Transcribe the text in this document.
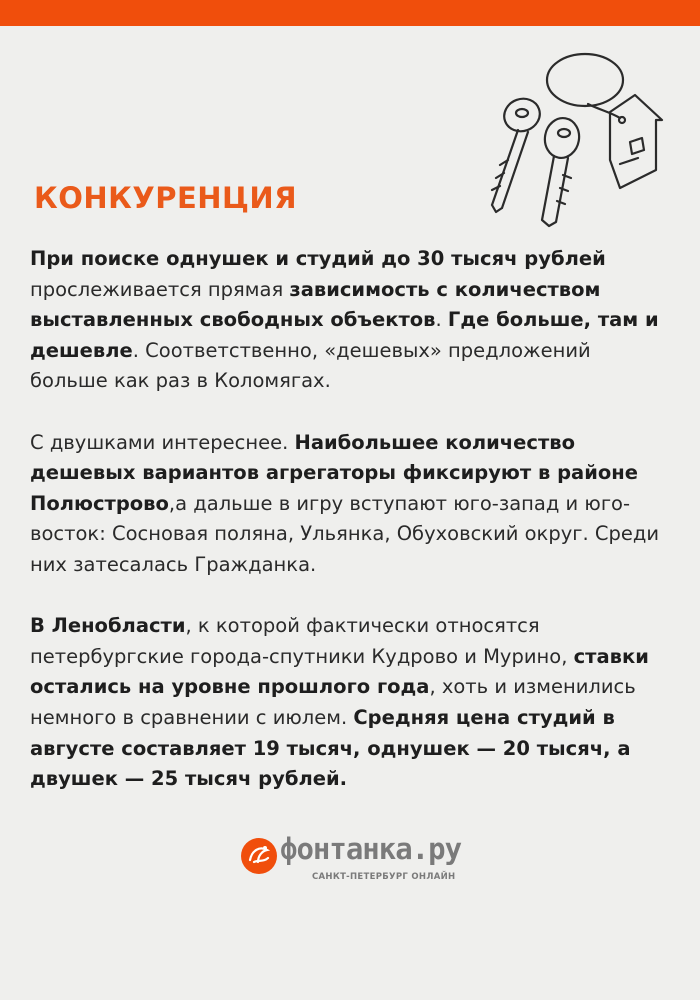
КОНКУРЕНЦИЯ

При поиске однушек и студий до 30 тысяч рублей прослеживается прямая зависимость с количеством выставленных свободных объектов. Где больше, там и дешевле. Соответственно, «дешевых» предложений больше как раз в Коломягах.

С двушками интереснее. Наибольшее количество дешевых вариантов агрегаторы фиксируют в районе Полюстрово,а дальше в игру вступают юго-запад и юго-восток: Сосновая поляна, Ульянка, Обуховский округ. Среди них затесалась Гражданка.

В Ленобласти, к которой фактически относятся петербургские города-спутники Кудрово и Мурино, ставки остались на уровне прошлого года, хоть и изменились немного в сравнении с июлем. Средняя цена студий в августе составляет 19 тысяч, однушек — 20 тысяч, а двушек — 25 тысяч рублей.

фонтанка.ру
САНКТ-ПЕТЕРБУРГ ОНЛАЙН
